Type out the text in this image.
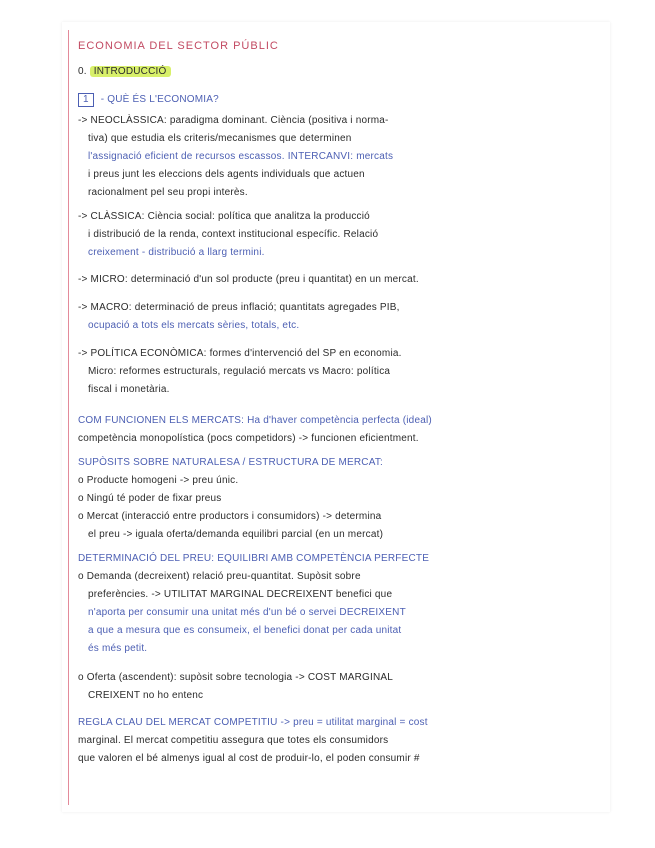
ECONOMIA DEL SECTOR PÚBLIC
0. INTRODUCCIÓ
1 - QUÈ ÉS L'ECONOMIA?
-> NEOCLÀSSICA: paradigma dominant. Ciència (positiva i norma-
tiva) que estudia els criteris/mecanismes que determinen
l'assignació eficient de recursos escassos. INTERCANVI: mercats
i preus junt les eleccions dels agents individuals que actuen
racionalment pel seu propi interès.
-> CLÀSSICA: Ciència social: política que analitza la producció
i distribució de la renda, context institucional específic. Relació
creixement - distribució a llarg termini.
-> MICRO: determinació d'un sol producte (preu i quantitat) en un mercat.
-> MACRO: determinació de preus inflació; quantitats agregades PIB,
ocupació a tots els mercats sèries, totals, etc.
-> POLÍTICA ECONÒMICA: formes d'intervenció del SP en economia.
Micro: reformes estructurals, regulació mercats vs Macro: política
fiscal i monetària.
COM FUNCIONEN ELS MERCATS: Ha d'haver competència perfecta (ideal)
competència monopolística (pocs competidors) -> funcionen eficientment.
SUPÒSITS SOBRE NATURALESA / ESTRUCTURA DE MERCAT:
o Producte homogeni -> preu únic.
o Ningú té poder de fixar preus
o Mercat (interacció entre productors i consumidors) -> determina
el preu -> iguala oferta/demanda equilibri parcial (en un mercat)
DETERMINACIÓ DEL PREU: EQUILIBRI AMB COMPETÈNCIA PERFECTE
o Demanda (decreixent) relació preu-quantitat. Supòsit sobre
preferències. -> UTILITAT MARGINAL DECREIXENT benefici que
n'aporta per consumir una unitat més d'un bé o servei DECREIXENT
a que a mesura que es consumeix, el benefici donat per cada unitat
és més petit.
o Oferta (ascendent): supòsit sobre tecnologia -> COST MARGINAL
CREIXENT no ho entenc
REGLA CLAU DEL MERCAT COMPETITIU -> preu = utilitat marginal = cost
marginal. El mercat competitiu assegura que totes els consumidors
que valoren el bé almenys igual al cost de produir-lo, el poden consumir #
